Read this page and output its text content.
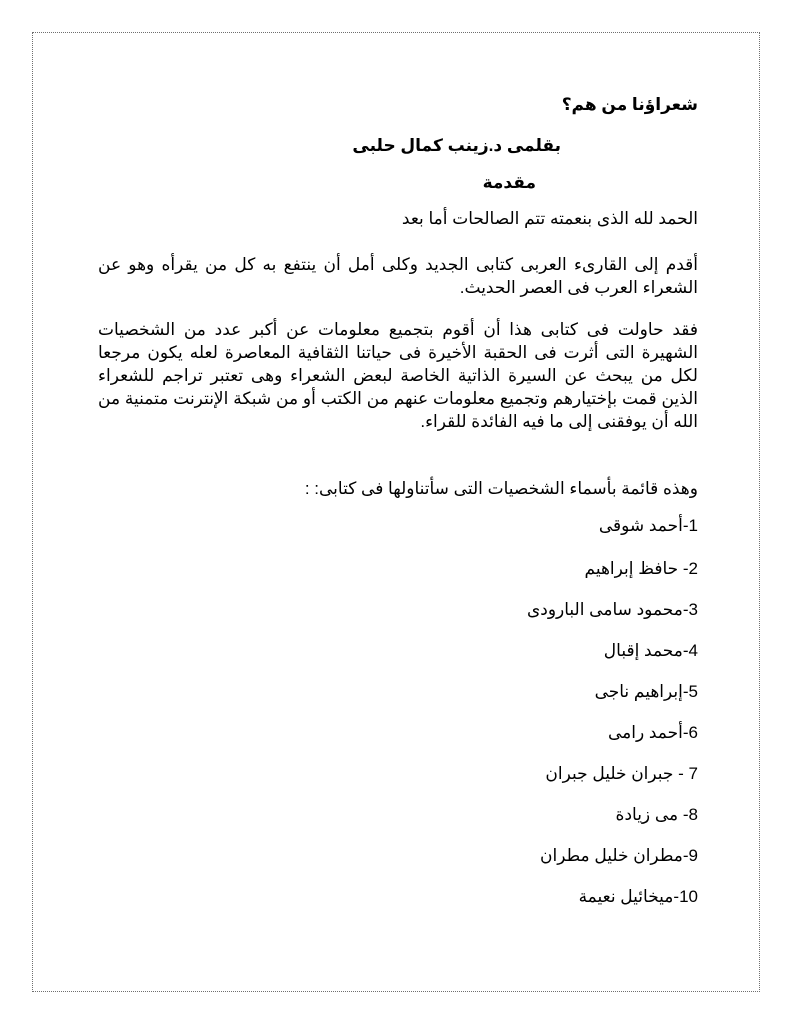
شعراؤنا من هم؟
بقلمى د.زينب كمال حلبى
مقدمة
الحمد لله الذى بنعمته تتم الصالحات أما بعد
أقدم إلى القارىء العربى كتابى الجديد وكلى أمل أن ينتفع به كل من يقرأه وهو عن الشعراء العرب فى العصر الحديث.
فقد حاولت فى كتابى هذا أن أقوم بتجميع معلومات عن أكبر عدد من الشخصيات الشهيرة التى أثرت فى الحقبة الأخيرة فى حياتنا الثقافية المعاصرة لعله يكون مرجعا لكل من يبحث عن السيرة الذاتية الخاصة لبعض الشعراء وهى تعتبر تراجم للشعراء الذين قمت بإختيارهم وتجميع معلومات عنهم من الكتب أو من شبكة الإنترنت متمنية من الله أن يوفقنى إلى ما فيه الفائدة للقراء.
وهذه قائمة بأسماء الشخصيات التى سأتناولها فى كتابى: :
1-أحمد شوقى
2- حافظ إبراهيم
3-محمود سامى البارودى
4-محمد إقبال
5-إبراهيم ناجى
6-أحمد رامى
7 - جبران خليل جبران
8- مى زيادة
9-مطران خليل مطران
10-ميخائيل نعيمة
